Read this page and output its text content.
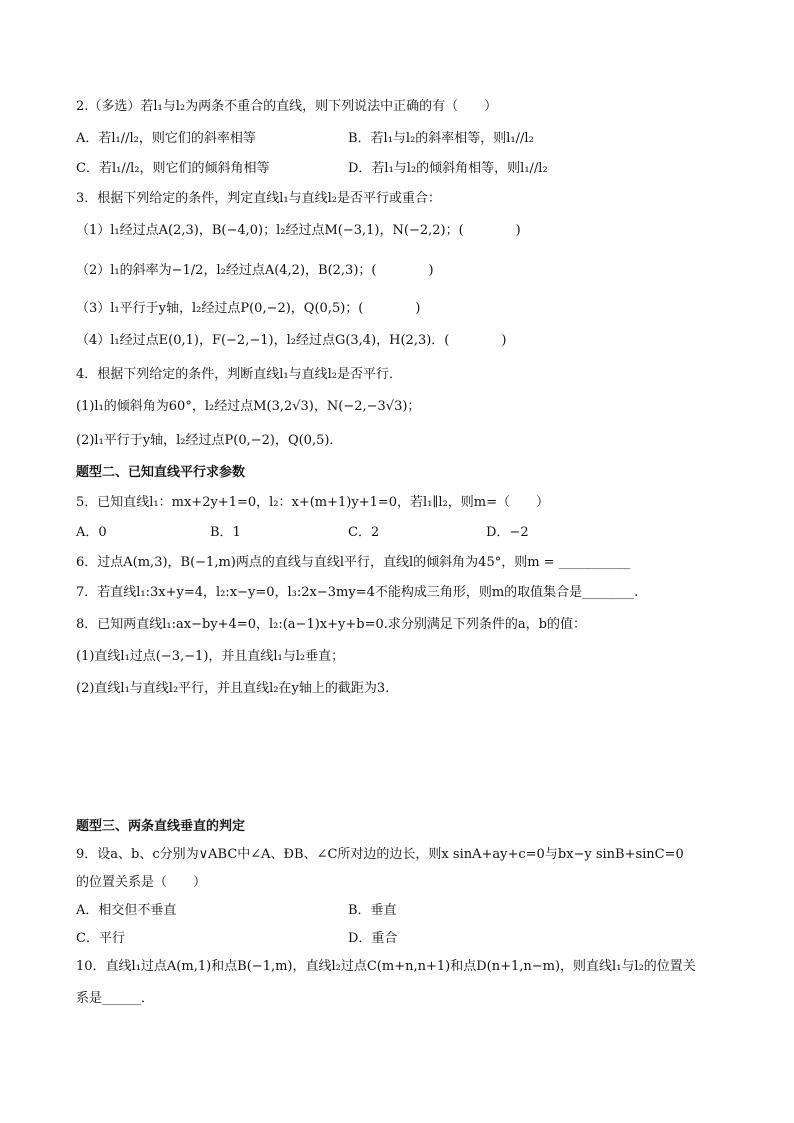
2.（多选）若l₁与l₂为两条不重合的直线，则下列说法中正确的有（　　）
C．若l₁//l₂，则它们的倾斜角相等
3．根据下列给定的条件，判定直线l₁与直线l₂是否平行或重合：
（1）l₁经过点A(2,3)，B(−4,0)；l₂经过点M(−3,1)，N(−2,2)；(　　　　)
（2）l₁的斜率为−1/2，l₂经过点A(4,2)，B(2,3)；(　　　　)
（3）l₁平行于y轴，l₂经过点P(0,−2)，Q(0,5)；(　　　　)
（4）l₁经过点E(0,1)，F(−2,−1)，l₂经过点G(3,4)，H(2,3)．(　　　　)
4．根据下列给定的条件，判断直线l₁与直线l₂是否平行．
(1)l₁的倾斜角为60°，l₂经过点M(3,2√3)，N(−2,−3√3)；
(2)l₁平行于y轴，l₂经过点P(0,−2)，Q(0,5)．
5．已知直线l₁：mx+2y+1=0，l₂：x+(m+1)y+1=0，若l₁∥l₂，则m=（　　）
6．过点A(m,3)，B(−1,m)两点的直线与直线l平行，直线l的倾斜角为45°，则m = ___________
7．若直线l₁:3x+y=4，l₂:x−y=0，l₃:2x−3my=4不能构成三角形，则m的取值集合是________.
8．已知两直线l₁:ax−by+4=0，l₂:(a−1)x+y+b=0.求分别满足下列条件的a，b的值：
(1)直线l₁过点(−3,−1)，并且直线l₁与l₂垂直；
(2)直线l₁与直线l₂平行，并且直线l₂在y轴上的截距为3.
9．设a、b、c分别为∨ABC中∠A、ÐB、∠C所对边的边长，则x sinA+ay+c=0与bx−y sinB+sinC=0
的位置关系是（　　）
10．直线l₁过点A(m,1)和点B(−1,m)，直线l₂过点C(m+n,n+1)和点D(n+1,n−m)，则直线l₁与l₂的位置关
系是______．
题型二、已知直线平行求参数
题型三、两条直线垂直的判定
A．若l₁//l₂，则它们的斜率相等	B．若l₁与l₂的斜率相等，则l₁//l₂
D．若l₁与l₂的倾斜角相等，则l₁//l₂
A．0	B．1	C．2	D．−2
A．相交但不垂直	B．垂直
C．平行	D．重合
